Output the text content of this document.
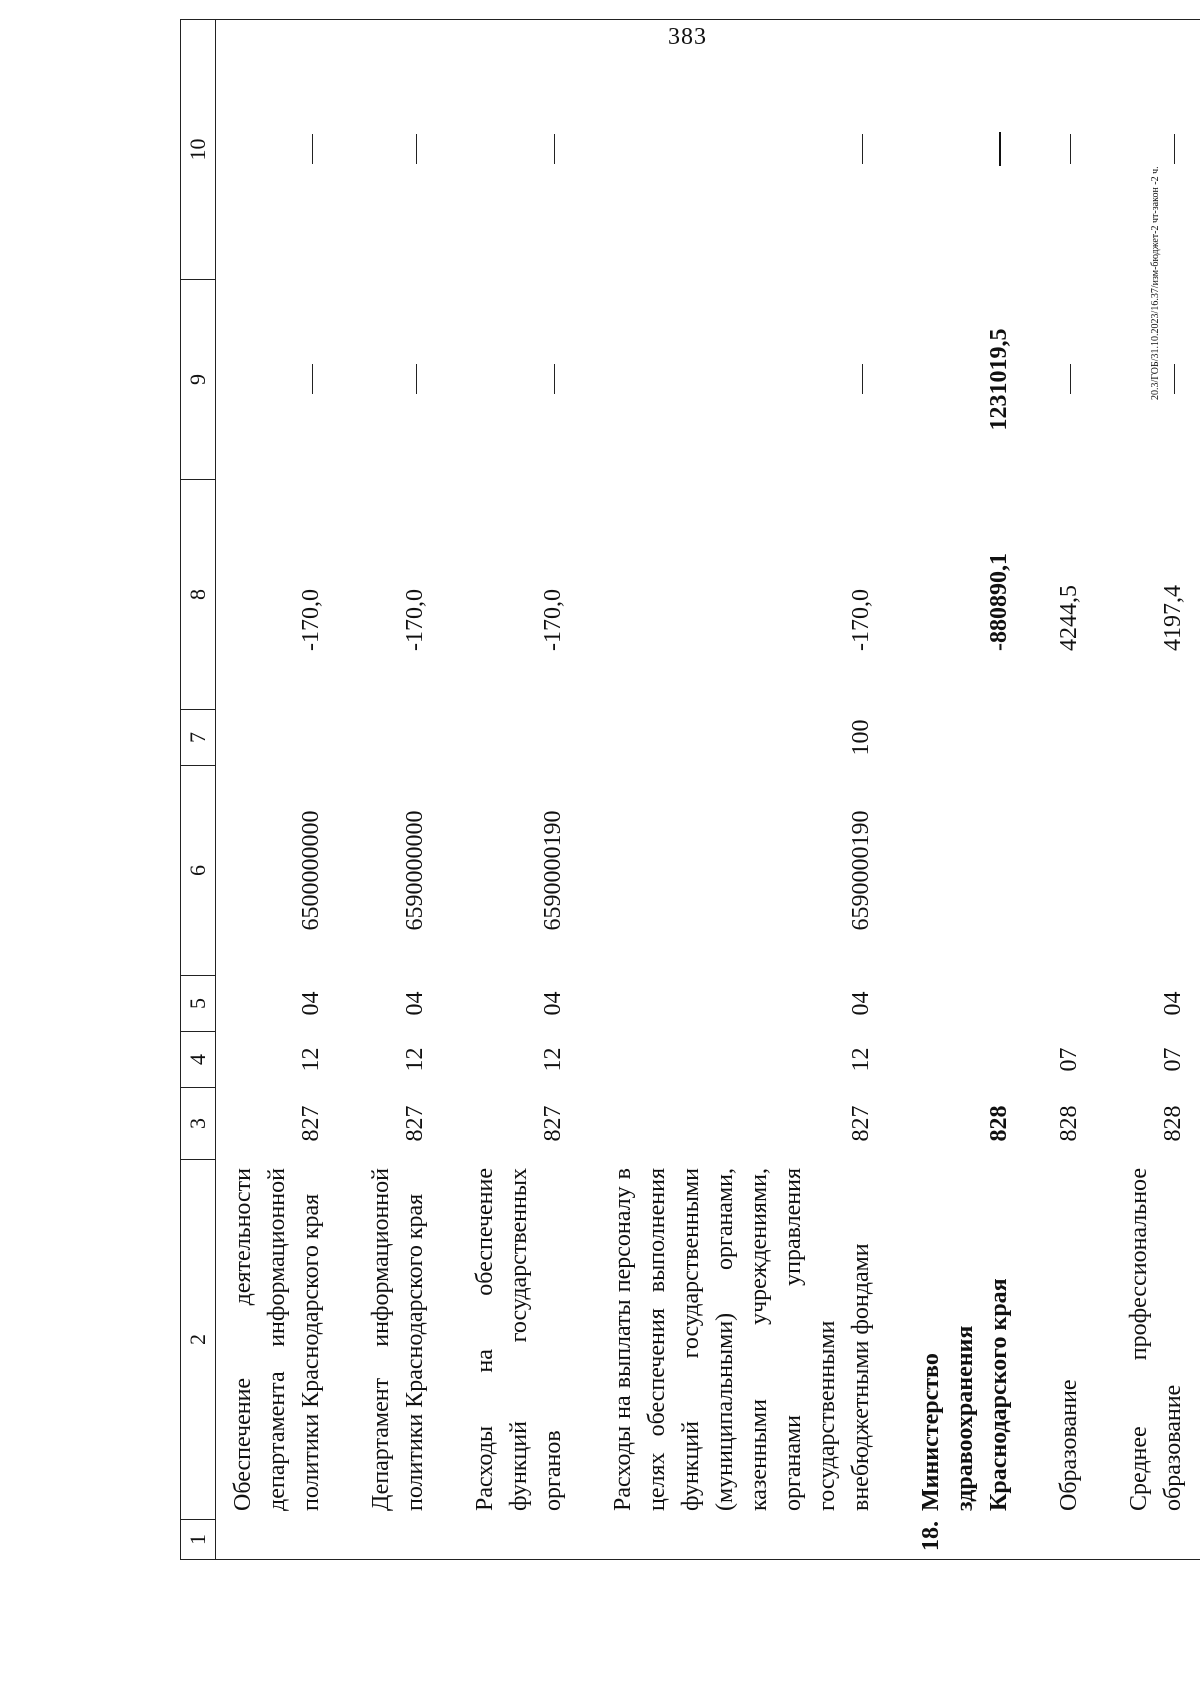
383
20.3/ГОБ/31.10.2023/16.37/изм-бюджет-2 чт-закон -2 ч.
1	2	3	4	5	6	7	8	9	10
	Обеспечение деятельности департамента информационной политики Краснодарского края	827	12	04	6500000000		-170,0		
	Департамент информационной политики Краснодарского края	827	12	04	6590000000		-170,0		
	Расходы на обеспечение функций государственных органов	827	12	04	6590000190		-170,0		
	Расходы на выплаты персоналу в целях обеспечения выполнения функций государственными (муниципальными) органами, казенными учреждениями, органами управления государственными внебюджетными фондами	827	12	04	6590000190	100	-170,0		
18.	Министерство здравоохранения Краснодарского края	828					-880890,1	1231019,5	
	Образование	828	07				4244,5		
	Среднее профессиональное образование	828	07	04			4197,4		
